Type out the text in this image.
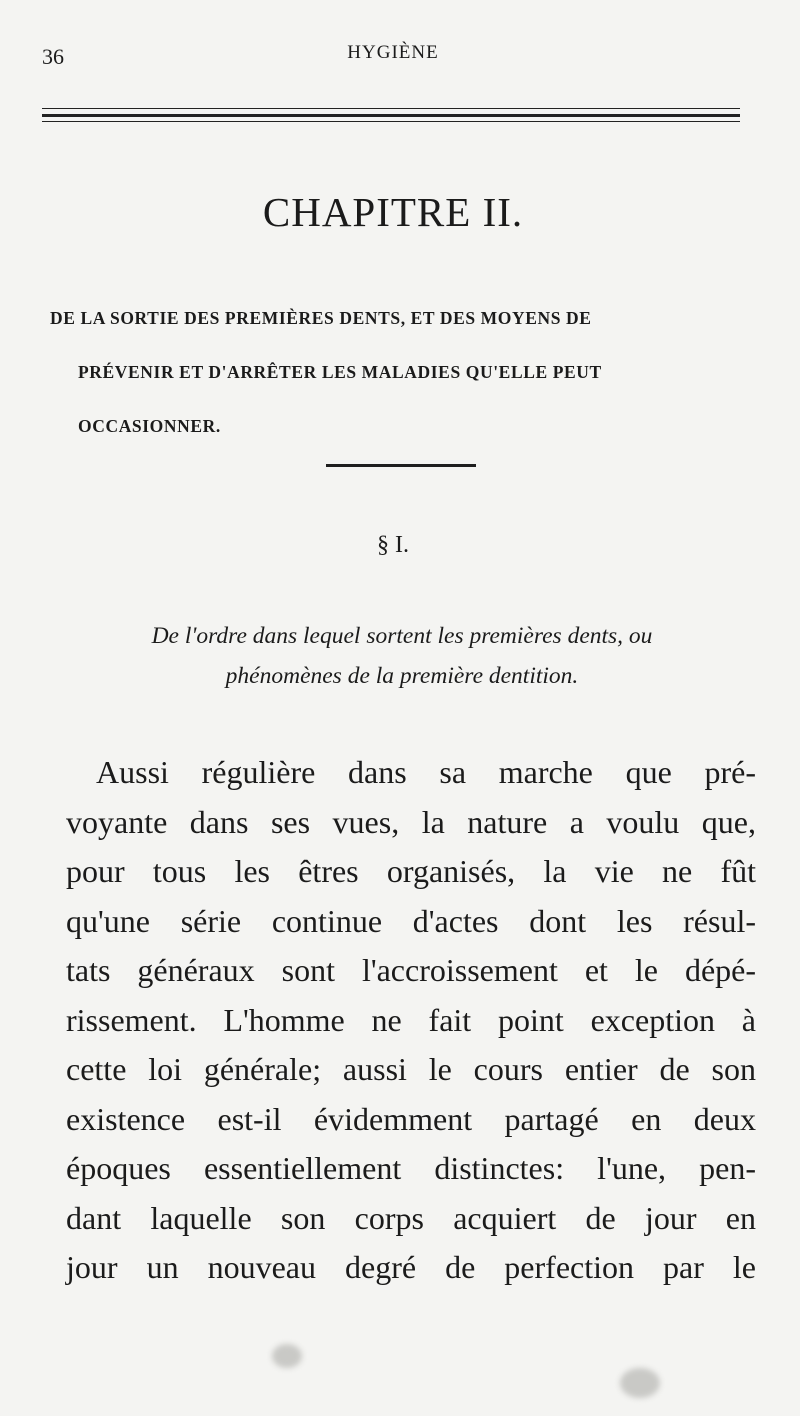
36	HYGIÈNE
CHAPITRE II.
DE LA SORTIE DES PREMIÈRES DENTS, ET DES MOYENS DE
PRÉVENIR ET D'ARRÊTER LES MALADIES QU'ELLE PEUT
OCCASIONNER.
§ I.
De l'ordre dans lequel sortent les premières dents, ou
phénomènes de la première dentition.
Aussi régulière dans sa marche que pré-
voyante dans ses vues, la nature a voulu que,
pour tous les êtres organisés, la vie ne fût
qu'une série continue d'actes dont les résul-
tats généraux sont l'accroissement et le dépé-
rissement. L'homme ne fait point exception à
cette loi générale; aussi le cours entier de son
existence est-il évidemment partagé en deux
époques essentiellement distinctes: l'une, pen-
dant laquelle son corps acquiert de jour en
jour un nouveau degré de perfection par le
